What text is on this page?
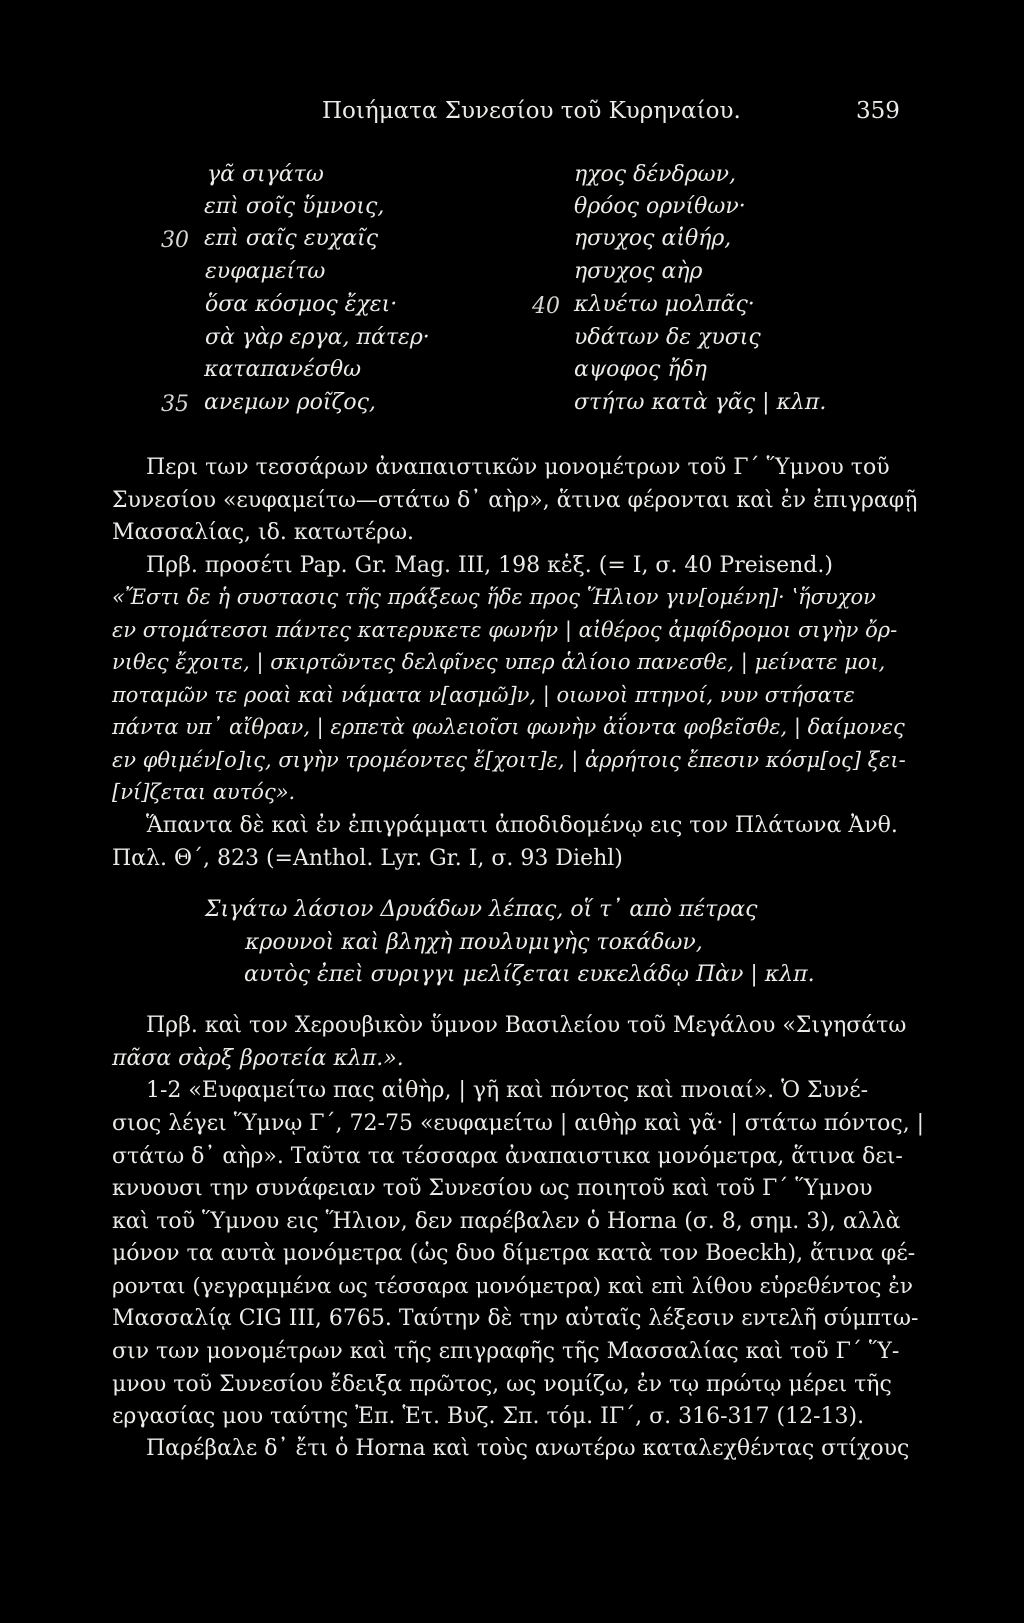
Ποιήματα Συνεσίου τοῦ Κυρηναίου.	359
γᾶ σιγάτω
επὶ σοῖς ὕμνοις,
30 επὶ σαῖς ευχαῖς
ευφαμείτω
ὅσα κόσμος ἔχει·
σὰ γὰρ εργα, πάτερ·
καταπανέσθω
35 ανεμων ροῖζος,
ηχος δένδρων,
θρόος ορνίθων·
ησυχος αἰθήρ,
ησυχος αὴρ
40 κλυέτω μολπᾶς·
υδάτων δε χυσις
αψοφος ἤδη
στήτω κατὰ γᾶς | κλπ.
Περι των τεσσάρων ἀναπαιστικῶν μονομέτρων τοῦ Γ΄ Ὕμνου τοῦ
Συνεσίου «ευφαμείτω—στάτω δ᾽ αὴρ», ἅτινα φέρονται καὶ ἐν ἐπιγραφῇ
Μασσαλίας, ιδ. κατωτέρω.
Πρβ. προσέτι Pap. Gr. Mag. III, 198 κἑξ. (= I, σ. 40 Preisend.)
«Ἔστι δε ἡ συστασις τῆς πράξεως ἥδε προς Ἥλιον γιν[ομένη]· ʽἥσυχον
εν στομάτεσσι πάντες κατερυκετε φωνήν | αἰθέρος ἀμφίδρομοι σιγὴν ὄρ-
νιθες ἔχοιτε, | σκιρτῶντες δελφῖνες υπερ ἁλίοιο πανεσθε, | μείνατε μοι,
ποταμῶν τε ροαὶ καὶ νάματα ν[ασμῶ]ν, | οιωνοὶ πτηνοί, νυν στήσατε
πάντα υπ᾽ αἴθραν, | ερπετὰ φωλειοῖσι φωνὴν ἀΐοντα φοβεῖσθε, | δαίμονες
εν φθιμέν[ο]ις, σιγὴν τρομέοντες ἔ[χοιτ]ε, | ἀρρήτοις ἔπεσιν κόσμ[ος] ξει-
[νί]ζεται αυτός».
Ἅπαντα δὲ καὶ ἐν ἐπιγράμματι ἀποδιδομένῳ εις τον Πλάτωνα Ἀνθ.
Παλ. Θ΄, 823 (=Anthol. Lyr. Gr. I, σ. 93 Diehl)
Σιγάτω λάσιον Δρυάδων λέπας, οἵ τ᾽ απὸ πέτρας
κρουνοὶ καὶ βληχὴ πουλυμιγὴς τοκάδων,
αυτὸς ἐπεὶ συριγγι μελίζεται ευκελάδῳ Πὰν | κλπ.
Πρβ. καὶ τον Χερουβικὸν ὕμνον Βασιλείου τοῦ Μεγάλου «Σιγησάτω
πᾶσα σὰρξ βροτεία κλπ.».
1-2 «Ευφαμείτω πας αἰθὴρ, | γῆ καὶ πόντος καὶ πνοιαί». Ὁ Συνέ-
σιος λέγει Ὕμνῳ Γ΄, 72-75 «ευφαμείτω | αιθὴρ καὶ γᾶ· | στάτω πόντος, |
στάτω δ᾽ αὴρ». Ταῦτα τα τέσσαρα ἀναπαιστικα μονόμετρα, ἅτινα δει-
κνυουσι την συνάφειαν τοῦ Συνεσίου ως ποιητοῦ καὶ τοῦ Γ΄ Ὕμνου
καὶ τοῦ Ὕμνου εις Ἥλιον, δεν παρέβαλεν ὁ Horna (σ. 8, σημ. 3), αλλὰ
μόνον τα αυτὰ μονόμετρα (ὡς δυο δίμετρα κατὰ τον Boeckh), ἅτινα φέ-
ρονται (γεγραμμένα ως τέσσαρα μονόμετρα) καὶ επὶ λίθου εὑρεθέντος ἐν
Μασσαλίᾳ CIG III, 6765. Ταύτην δὲ την αὐταῖς λέξεσιν εντελῆ σύμπτω-
σιν των μονομέτρων καὶ τῆς επιγραφῆς τῆς Μασσαλίας καὶ τοῦ Γ΄ Ὕ-
μνου τοῦ Συνεσίου ἔδειξα πρῶτος, ως νομίζω, ἐν τῳ πρώτῳ μέρει τῆς
εργασίας μου ταύτης Ἐπ. Ἑτ. Βυζ. Σπ. τόμ. ΙΓ΄, σ. 316-317 (12-13).
Παρέβαλε δ᾽ ἔτι ὁ Horna καὶ τοὺς ανωτέρω καταλεχθέντας στίχους
